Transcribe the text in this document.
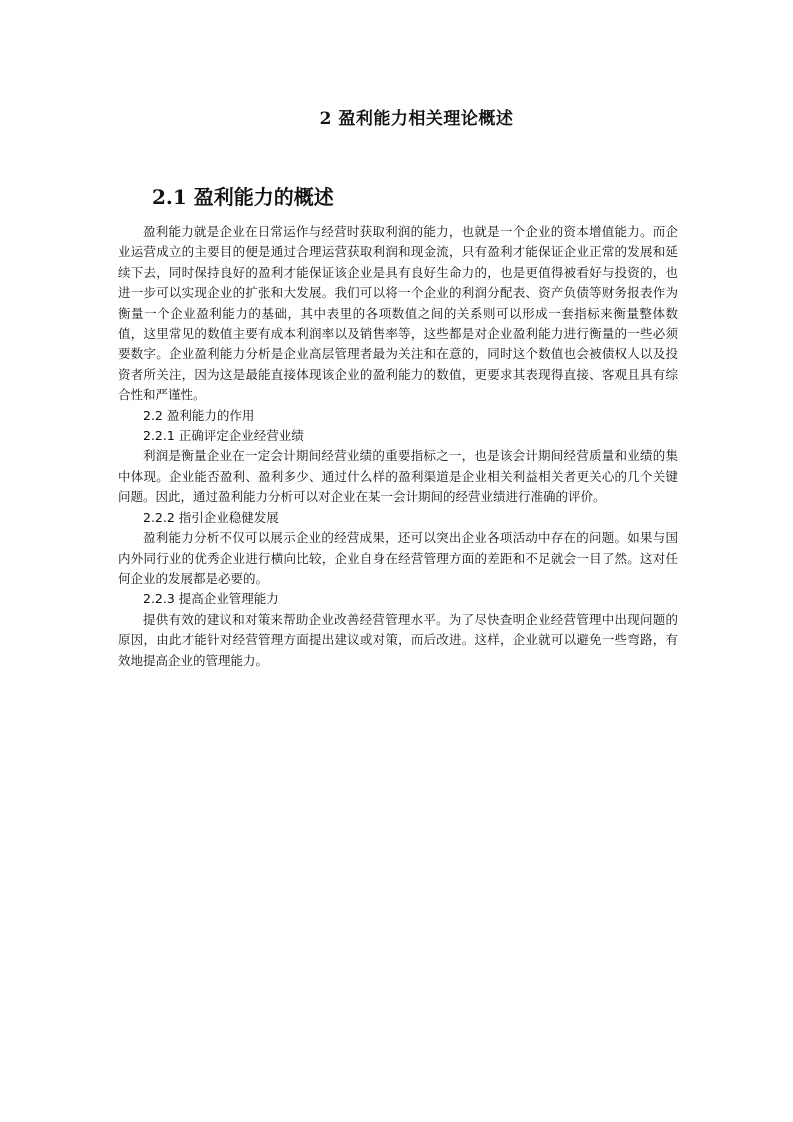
2 盈利能力相关理论概述
2.1 盈利能力的概述

盈利能力就是企业在日常运作与经营时获取利润的能力，也就是一个企业的资本增值能力。而企业运营成立的主要目的便是通过合理运营获取利润和现金流，只有盈利才能保证企业正常的发展和延续下去，同时保持良好的盈利才能保证该企业是具有良好生命力的，也是更值得被看好与投资的，也进一步可以实现企业的扩张和大发展。我们可以将一个企业的利润分配表、资产负债等财务报表作为衡量一个企业盈利能力的基础，其中表里的各项数值之间的关系则可以形成一套指标来衡量整体数值，这里常见的数值主要有成本利润率以及销售率等，这些都是对企业盈利能力进行衡量的一些必须要数字。企业盈利能力分析是企业高层管理者最为关注和在意的，同时这个数值也会被债权人以及投资者所关注，因为这是最能直接体现该企业的盈利能力的数值，更要求其表现得直接、客观且具有综合性和严谨性。

2.2 盈利能力的作用

2.2.1 正确评定企业经营业绩

利润是衡量企业在一定会计期间经营业绩的重要指标之一，也是该会计期间经营质量和业绩的集中体现。企业能否盈利、盈利多少、通过什么样的盈利渠道是企业相关利益相关者更关心的几个关键问题。因此，通过盈利能力分析可以对企业在某一会计期间的经营业绩进行准确的评价。

2.2.2 指引企业稳健发展

盈利能力分析不仅可以展示企业的经营成果，还可以突出企业各项活动中存在的问题。如果与国内外同行业的优秀企业进行横向比较，企业自身在经营管理方面的差距和不足就会一目了然。这对任何企业的发展都是必要的。

2.2.3 提高企业管理能力

提供有效的建议和对策来帮助企业改善经营管理水平。为了尽快查明企业经营管理中出现问题的原因，由此才能针对经营管理方面提出建议或对策，而后改进。这样，企业就可以避免一些弯路，有效地提高企业的管理能力。
